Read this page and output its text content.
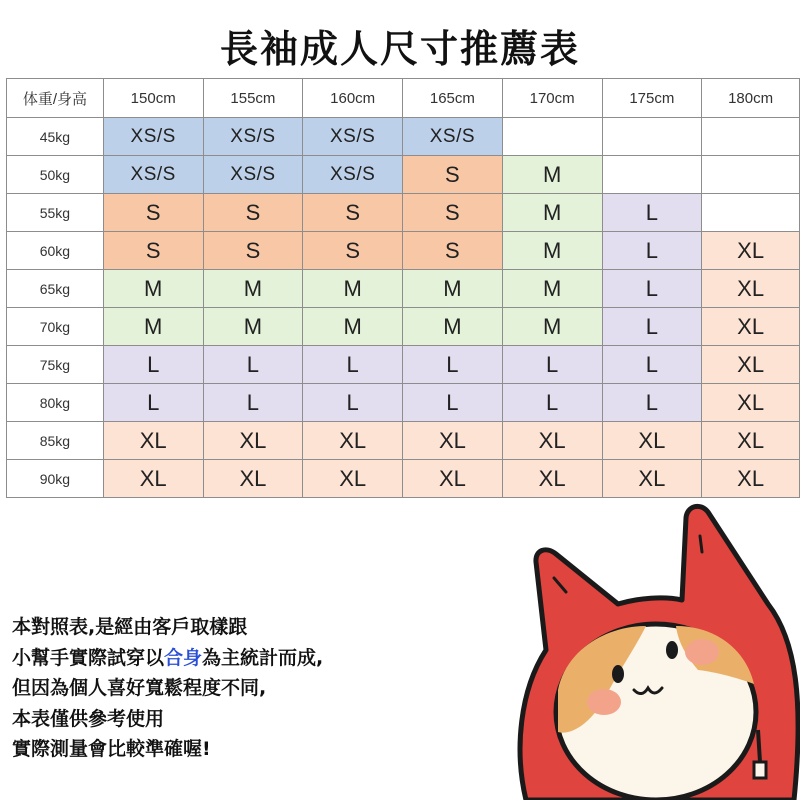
長袖成人尺寸推薦表
体重/身高	150cm	155cm	160cm	165cm	170cm	175cm	180cm
45kg	XS/S	XS/S	XS/S	XS/S			
50kg	XS/S	XS/S	XS/S	S	M		
55kg	S	S	S	S	M	L	
60kg	S	S	S	S	M	L	XL
65kg	M	M	M	M	M	L	XL
70kg	M	M	M	M	M	L	XL
75kg	L	L	L	L	L	L	XL
80kg	L	L	L	L	L	L	XL
85kg	XL	XL	XL	XL	XL	XL	XL
90kg	XL	XL	XL	XL	XL	XL	XL
本對照表,是經由客戶取樣跟
小幫手實際試穿以合身為主統計而成,
但因為個人喜好寬鬆程度不同,
本表僅供參考使用
實際測量會比較準確喔!
